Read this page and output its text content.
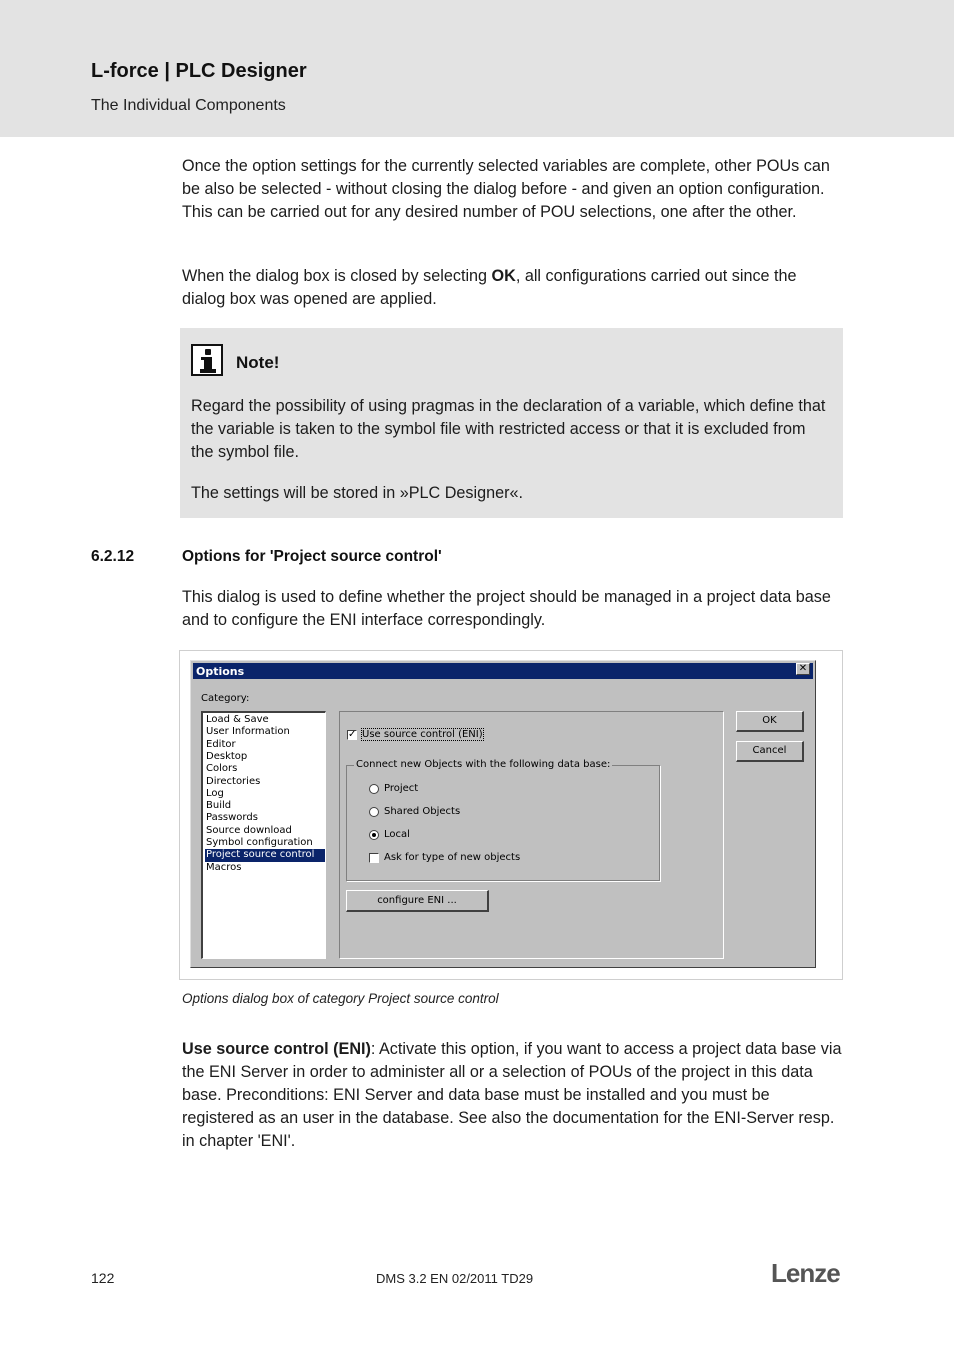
L-force | PLC Designer
The Individual Components

Once the option settings for the currently selected variables are complete, other POUs can be also be selected - without closing the dialog before - and given an option configuration. This can be carried out for any desired number of POU selections, one after the other.

When the dialog box is closed by selecting OK, all configurations carried out since the dialog box was opened are applied.

Note!

Regard the possibility of using pragmas in the declaration of a variable, which define that the variable is taken to the symbol file with restricted access or that it is excluded from the symbol file.

The settings will be stored in »PLC Designer«.

6.2.12	Options for 'Project source control'

This dialog is used to define whether the project should be managed in a project data base and to configure the ENI interface correspondingly.

Options	✕
Category:
Load & Save
User Information
Editor
Desktop
Colors
Directories
Log
Build
Passwords
Source download
Symbol configuration
Project source control
Macros
✓ Use source control (ENI)
Connect new Objects with the following data base:
Project
Shared Objects
Local
Ask for type of new objects
configure ENI ...
OK
Cancel
Options dialog box of category Project source control

Use source control (ENI): Activate this option, if you want to access a project data base via the ENI Server in order to administer all or a selection of POUs of the project in this data base. Preconditions: ENI Server and data base must be installed and you must be registered as an user in the database. See also the documentation for the ENI-Server resp. in chapter 'ENI'.

122	DMS 3.2 EN 02/2011 TD29	Lenze
